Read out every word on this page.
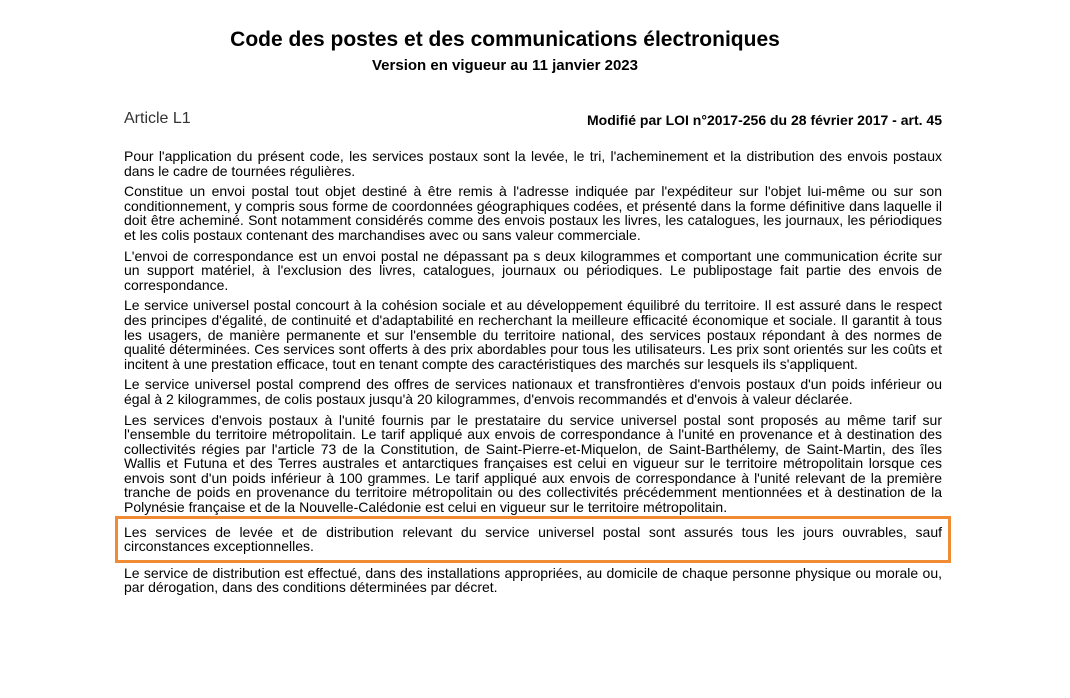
Code des postes et des communications électroniques
Version en vigueur au 11 janvier 2023
Article L1	Modifié par LOI n°2017-256 du 28 février 2017 - art. 45

Pour l'application du présent code, les services postaux sont la levée, le tri, l'acheminement et la distribution des envois postaux dans le cadre de tournées régulières.

Constitue un envoi postal tout objet destiné à être remis à l'adresse indiquée par l'expéditeur sur l'objet lui-même ou sur son conditionnement, y compris sous forme de coordonnées géographiques codées, et présenté dans la forme définitive dans laquelle il doit être acheminé. Sont notamment considérés comme des envois postaux les livres, les catalogues, les journaux, les périodiques et les colis postaux contenant des marchandises avec ou sans valeur commerciale.

L'envoi de correspondance est un envoi postal ne dépassant pa s deux kilogrammes et comportant une communication écrite sur un support matériel, à l'exclusion des livres, catalogues, journaux ou périodiques. Le publipostage fait partie des envois de correspondance.

Le service universel postal concourt à la cohésion sociale et au développement équilibré du territoire. Il est assuré dans le respect des principes d'égalité, de continuité et d'adaptabilité en recherchant la meilleure efficacité économique et sociale. Il garantit à tous les usagers, de manière permanente et sur l'ensemble du territoire national, des services postaux répondant à des normes de qualité déterminées. Ces services sont offerts à des prix abordables pour tous les utilisateurs. Les prix sont orientés sur les coûts et incitent à une prestation efficace, tout en tenant compte des caractéristiques des marchés sur lesquels ils s'appliquent.

Le service universel postal comprend des offres de services nationaux et transfrontières d'envois postaux d'un poids inférieur ou égal à 2 kilogrammes, de colis postaux jusqu'à 20 kilogrammes, d'envois recommandés et d'envois à valeur déclarée.

Les services d'envois postaux à l'unité fournis par le prestataire du service universel postal sont proposés au même tarif sur l'ensemble du territoire métropolitain. Le tarif appliqué aux envois de correspondance à l'unité en provenance et à destination des collectivités régies par l'article 73 de la Constitution, de Saint-Pierre-et-Miquelon, de Saint-Barthélemy, de Saint-Martin, des îles Wallis et Futuna et des Terres australes et antarctiques françaises est celui en vigueur sur le territoire métropolitain lorsque ces envois sont d'un poids inférieur à 100 grammes. Le tarif appliqué aux envois de correspondance à l'unité relevant de la première tranche de poids en provenance du territoire métropolitain ou des collectivités précédemment mentionnées et à destination de la Polynésie française et de la Nouvelle-Calédonie est celui en vigueur sur le territoire métropolitain.

Les services de levée et de distribution relevant du service universel postal sont assurés tous les jours ouvrables, sauf circonstances exceptionnelles.

Le service de distribution est effectué, dans des installations appropriées, au domicile de chaque personne physique ou morale ou, par dérogation, dans des conditions déterminées par décret.
